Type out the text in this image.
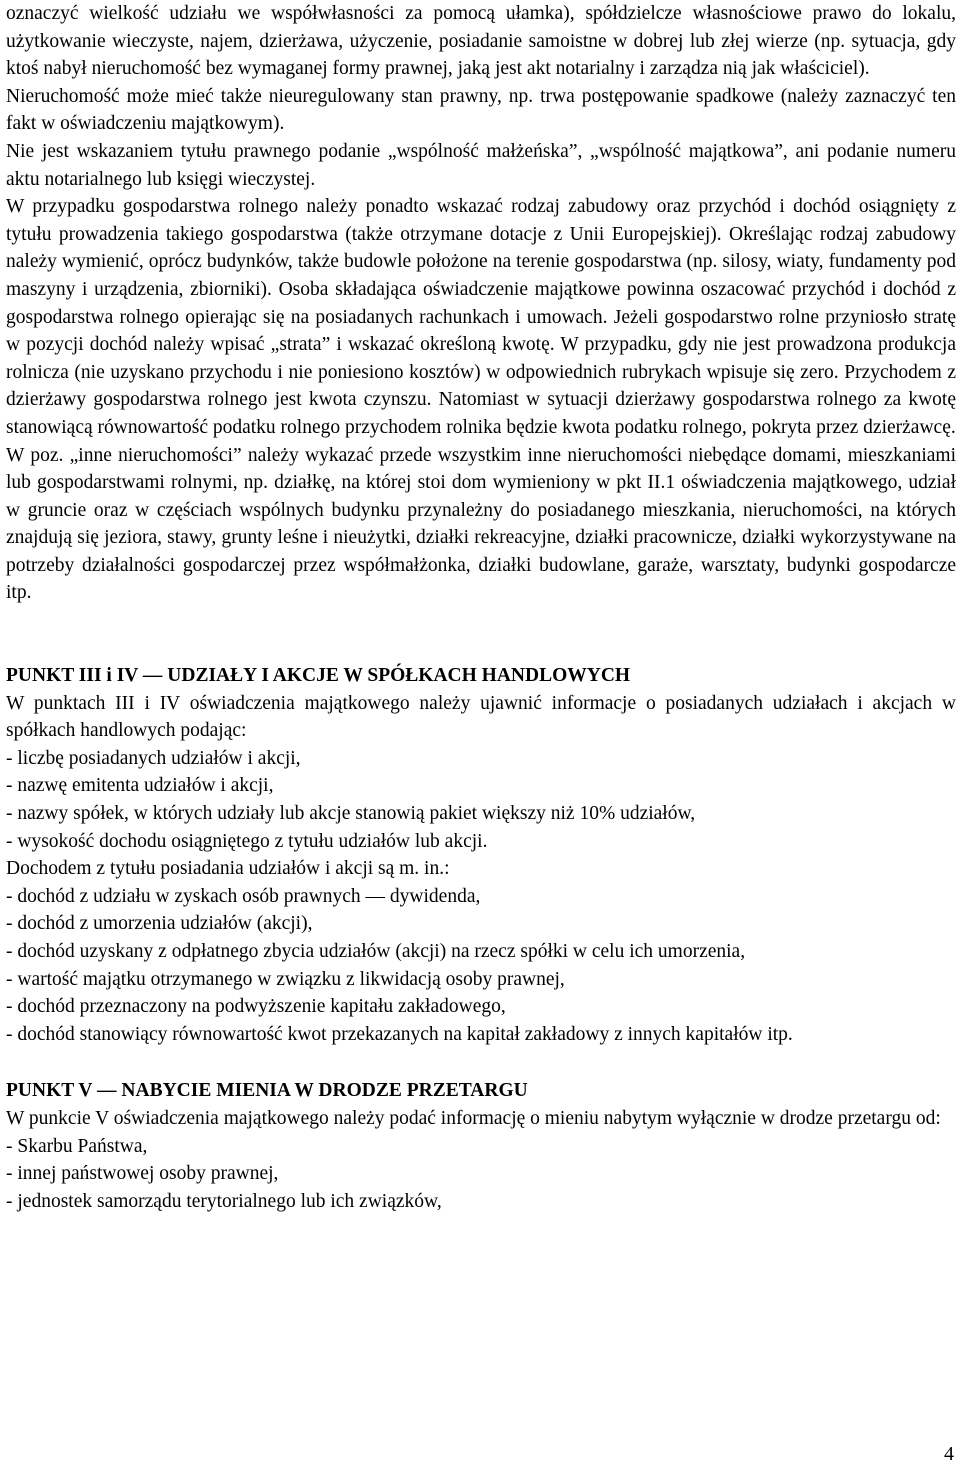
oznaczyć wielkość udziału we współwłasności za pomocą ułamka), spółdzielcze własnościowe prawo do lokalu, użytkowanie wieczyste, najem, dzierżawa, użyczenie, posiadanie samoistne w dobrej lub złej wierze (np. sytuacja, gdy ktoś nabył nieruchomość bez wymaganej formy prawnej, jaką jest akt notarialny i zarządza nią jak właściciel).

Nieruchomość może mieć także nieuregulowany stan prawny, np. trwa postępowanie spadkowe (należy zaznaczyć ten fakt w oświadczeniu majątkowym).

Nie jest wskazaniem tytułu prawnego podanie „wspólność małżeńska”, „wspólność majątkowa”, ani podanie numeru aktu notarialnego lub księgi wieczystej.

W przypadku gospodarstwa rolnego należy ponadto wskazać rodzaj zabudowy oraz przychód i dochód osiągnięty z tytułu prowadzenia takiego gospodarstwa (także otrzymane dotacje z Unii Europejskiej). Określając rodzaj zabudowy należy wymienić, oprócz budynków, także budowle położone na terenie gospodarstwa (np. silosy, wiaty, fundamenty pod maszyny i urządzenia, zbiorniki). Osoba składająca oświadczenie majątkowe powinna oszacować przychód i dochód z gospodarstwa rolnego opierając się na posiadanych rachunkach i umowach. Jeżeli gospodarstwo rolne przyniosło stratę w pozycji dochód należy wpisać „strata” i wskazać określoną kwotę. W przypadku, gdy nie jest prowadzona produkcja rolnicza (nie uzyskano przychodu i nie poniesiono kosztów) w odpowiednich rubrykach wpisuje się zero. Przychodem z dzierżawy gospodarstwa rolnego jest kwota czynszu. Natomiast w sytuacji dzierżawy gospodarstwa rolnego za kwotę stanowiącą równowartość podatku rolnego przychodem rolnika będzie kwota podatku rolnego, pokryta przez dzierżawcę.

W poz. „inne nieruchomości” należy wykazać przede wszystkim inne nieruchomości niebędące domami, mieszkaniami lub gospodarstwami rolnymi, np. działkę, na której stoi dom wymieniony w pkt II.1 oświadczenia majątkowego, udział w gruncie oraz w częściach wspólnych budynku przynależny do posiadanego mieszkania, nieruchomości, na których znajdują się jeziora, stawy, grunty leśne i nieużytki, działki rekreacyjne, działki pracownicze, działki wykorzystywane na potrzeby działalności gospodarczej przez współmałżonka, działki budowlane, garaże, warsztaty, budynki gospodarcze itp.

PUNKT III i IV — UDZIAŁY I AKCJE W SPÓŁKACH HANDLOWYCH

W punktach III i IV oświadczenia majątkowego należy ujawnić informacje o posiadanych udziałach i akcjach w spółkach handlowych podając:

- liczbę posiadanych udziałów i akcji,

- nazwę emitenta udziałów i akcji,

- nazwy spółek, w których udziały lub akcje stanowią pakiet większy niż 10% udziałów,

- wysokość dochodu osiągniętego z tytułu udziałów lub akcji.

Dochodem z tytułu posiadania udziałów i akcji są m. in.:

- dochód z udziału w zyskach osób prawnych — dywidenda,

- dochód z umorzenia udziałów (akcji),

- dochód uzyskany z odpłatnego zbycia udziałów (akcji) na rzecz spółki w celu ich umorzenia,

- wartość majątku otrzymanego w związku z likwidacją osoby prawnej,

- dochód przeznaczony na podwyższenie kapitału zakładowego,

- dochód stanowiący równowartość kwot przekazanych na kapitał zakładowy z innych kapitałów itp.

PUNKT V — NABYCIE MIENIA W DRODZE PRZETARGU

W punkcie V oświadczenia majątkowego należy podać informację o mieniu nabytym wyłącznie w drodze przetargu od:

- Skarbu Państwa,

- innej państwowej osoby prawnej,

- jednostek samorządu terytorialnego lub ich związków,

4
